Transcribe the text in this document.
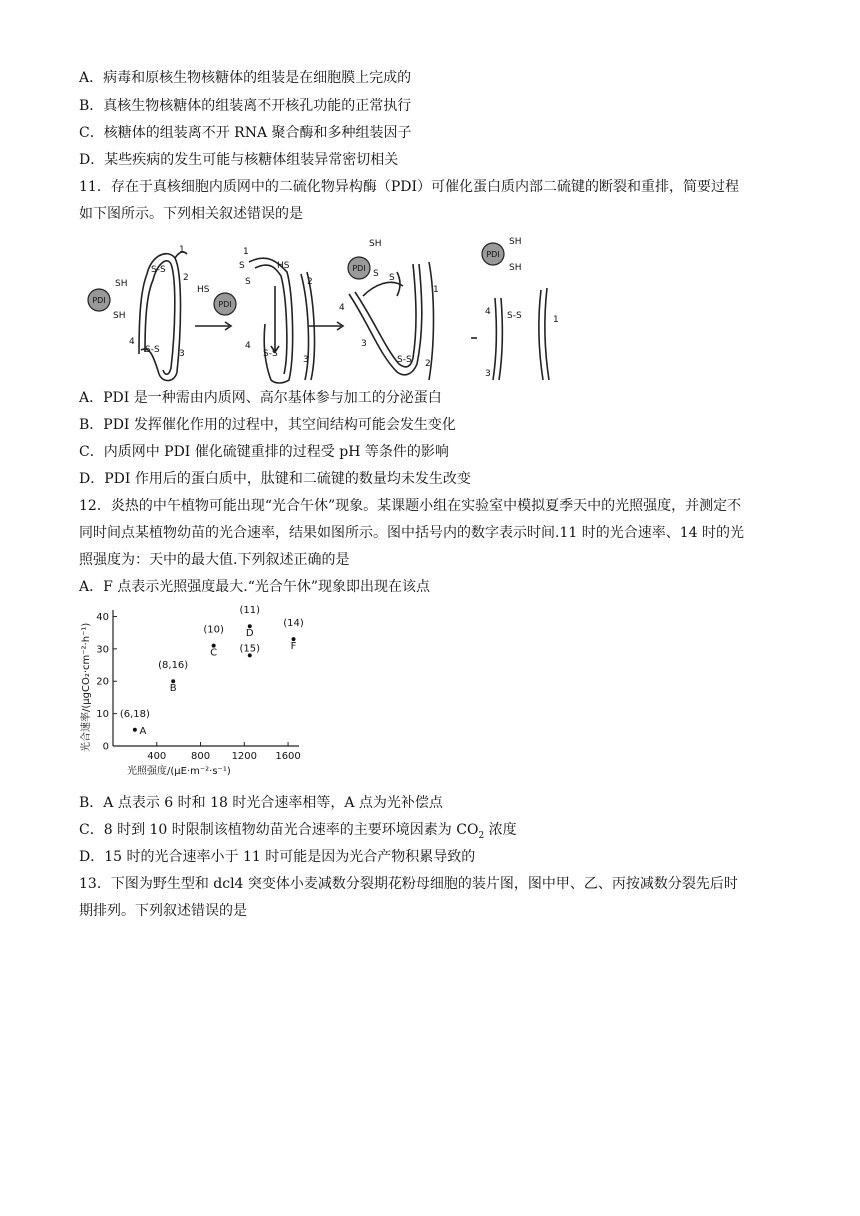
A．病毒和原核生物核糖体的组装是在细胞膜上完成的
B．真核生物核糖体的组装离不开核孔功能的正常执行
C．核糖体的组装离不开 RNA 聚合酶和多种组装因子
D．某些疾病的发生可能与核糖体组装异常密切相关
11．存在于真核细胞内质网中的二硫化物异构酶（PDI）可催化蛋白质内部二硫键的断裂和重排，简要过程
如下图所示。下列相关叙述错误的是
PDI	PDI
PDI
PDI
SH
SH
S-S
S-S
HS
S
S
HS
S-S
SH
S S
S-S
SH
SH
S-S
1
2
3
4
1
2
3
4
1
2
3
4
1
3
4
A．PDI 是一种需由内质网、高尔基体参与加工的分泌蛋白
B．PDI 发挥催化作用的过程中，其空间结构可能会发生变化
C．内质网中 PDI 催化硫键重排的过程受 pH 等条件的影响
D．PDI 作用后的蛋白质中，肽键和二硫键的数量均未发生改变
12．炎热的中午植物可能出现“光合午休”现象。某课题小组在实验室中模拟夏季天中的光照强度，并测定不
同时间点某植物幼苗的光合速率，结果如图所示。图中括号内的数字表示时间.11 时的光合速率、14 时的光
照强度为：天中的最大值.下列叙述正确的是
A．F 点表示光照强度最大.“光合午休”现象即出现在该点
400 800 1200 1600
0
10
20
30
40
(6,18)
A
(8,16)
B
(10)
C
(11)
D
(15)
(14)
F
光照强度/(μE·m⁻²·s⁻¹)
光合速率/(μgCO₂·cm⁻²·h⁻¹)
B．A 点表示 6 时和 18 时光合速率相等，A 点为光补偿点
C．8 时到 10 时限制该植物幼苗光合速率的主要环境因素为 $CO_2$ 浓度
D．15 时的光合速率小于 11 时可能是因为光合产物积累导致的
13．下图为野生型和 dcl4 突变体小麦减数分裂期花粉母细胞的装片图，图中甲、乙、丙按减数分裂先后时
期排列。下列叙述错误的是
